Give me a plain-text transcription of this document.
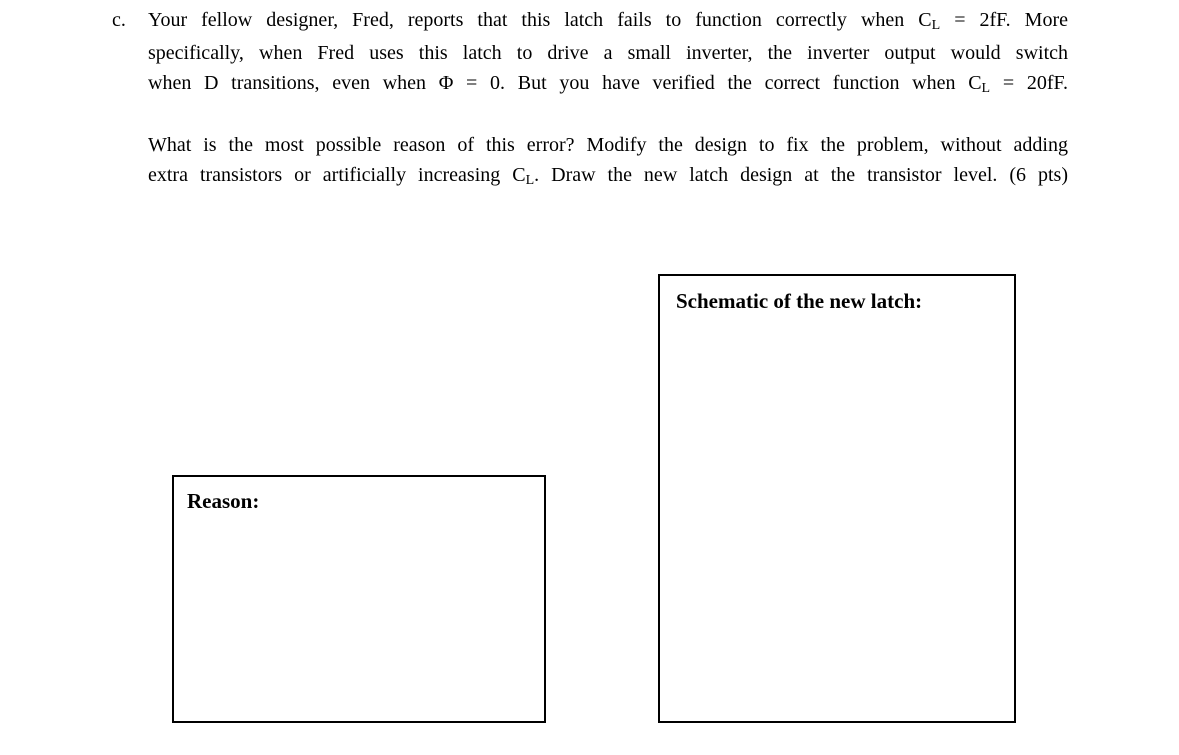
c.	Your fellow designer, Fred, reports that this latch fails to function correctly when CL = 2fF. More
specifically, when Fred uses this latch to drive a small inverter, the inverter output would switch
when D transitions, even when Φ = 0. But you have verified the correct function when CL = 20fF.
What is the most possible reason of this error? Modify the design to fix the problem, without adding
extra transistors or artificially increasing CL. Draw the new latch design at the transistor level. (6 pts)
Reason:
Schematic of the new latch:
